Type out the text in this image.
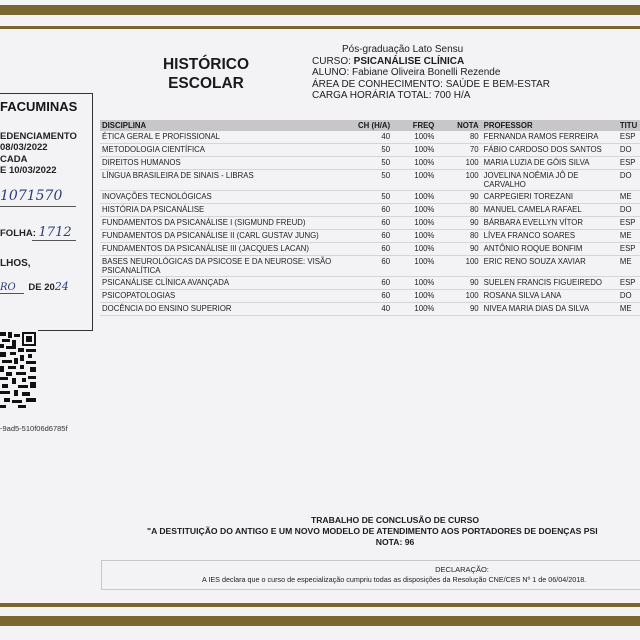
FACUMINAS
EDENCIAMENTO
08/03/2022
CADA
E 10/03/2022
1071570
FOLHA: 1712
LHOS,
RO DE 2024
-9ad5-510f06d6785f
HISTÓRICO
ESCOLAR
Pós-graduação Lato Sensu
CURSO: PSICANÁLISE CLÍNICA
ALUNO: Fabiane Oliveira Bonelli Rezende
ÁREA DE CONHECIMENTO: SAÚDE E BEM-ESTAR
CARGA HORÁRIA TOTAL: 700 H/A
DISCIPLINA	CH (H/A)	FREQ	NOTA	PROFESSOR	TITU
ÉTICA GERAL E PROFISSIONAL	40	100%	80	FERNANDA RAMOS FERREIRA	ESP
METODOLOGIA CIENTÍFICA	50	100%	70	FÁBIO CARDOSO DOS SANTOS	DO
DIREITOS HUMANOS	50	100%	100	MARIA LUZIA DE GÓIS SILVA	ESP
LÍNGUA BRASILEIRA DE SINAIS - LIBRAS	50	100%	100	JOVELINA NOÊMIA JÔ DE CARVALHO	DO
INOVAÇÕES TECNOLÓGICAS	50	100%	90	CARPEGIERI TOREZANI	ME
HISTÓRIA DA PSICANÁLISE	60	100%	80	MANUEL CAMELA RAFAEL	DO
FUNDAMENTOS DA PSICANÁLISE I (SIGMUND FREUD)	60	100%	90	BÁRBARA EVELLYN VÍTOR	ESP
FUNDAMENTOS DA PSICANÁLISE II (CARL GUSTAV JUNG)	60	100%	80	LÍVEA FRANCO SOARES	ME
FUNDAMENTOS DA PSICANÁLISE III (JACQUES LACAN)	60	100%	90	ANTÔNIO ROQUE BONFIM	ESP
BASES NEUROLÓGICAS DA PSICOSE E DA NEUROSE: VISÃO PSICANALÍTICA	60	100%	100	ERIC RENO SOUZA XAVIAR	ME
PSICANÁLISE CLÍNICA AVANÇADA	60	100%	90	SUELEN FRANCIS FIGUEIREDO	ESP
PSICOPATOLOGIAS	60	100%	100	ROSANA SILVA LANA	DO
DOCÊNCIA DO ENSINO SUPERIOR	40	100%	90	NIVEA MARIA DIAS DA SILVA	ME
TRABALHO DE CONCLUSÃO DE CURSO
"A DESTITUIÇÃO DO ANTIGO E UM NOVO MODELO DE ATENDIMENTO AOS PORTADORES DE DOENÇAS PSI
NOTA: 96
DECLARAÇÃO:
A IES declara que o curso de especialização cumpriu todas as disposições da Resolução CNE/CES Nº 1 de 06/04/2018.
